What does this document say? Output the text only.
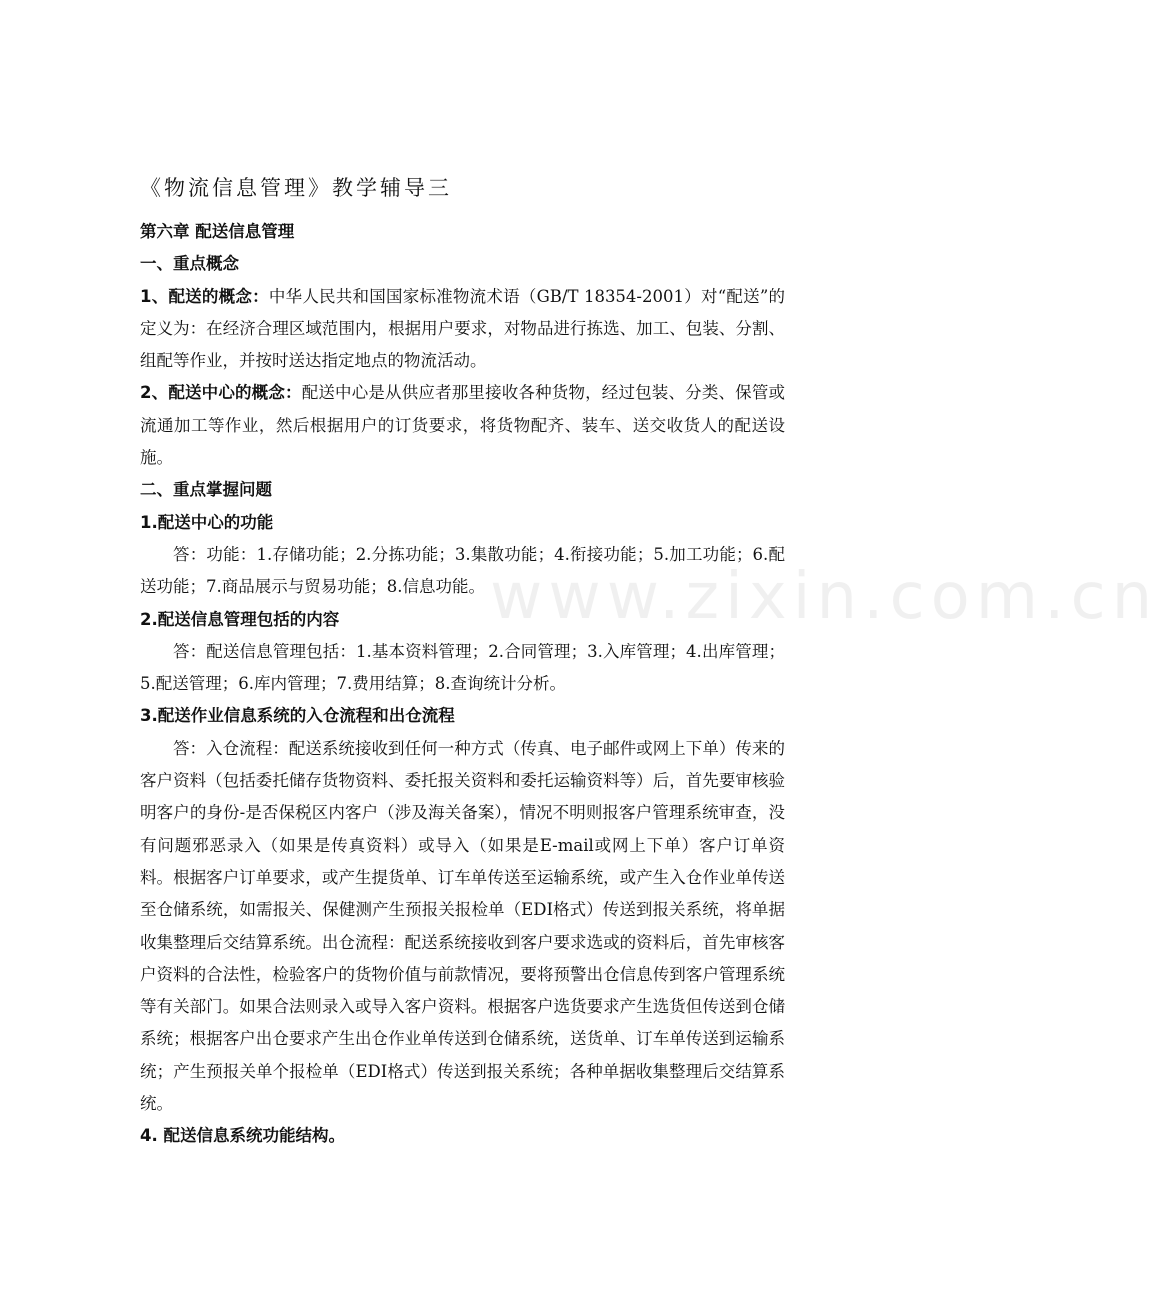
www.zixin.com.cn
《物流信息管理》教学辅导三

第六章 配送信息管理

一、重点概念

1、配送的概念：中华人民共和国国家标准物流术语（GB/T 18354-2001）对“配送”的定义为：在经济合理区域范围内，根据用户要求，对物品进行拣选、加工、包装、分割、组配等作业，并按时送达指定地点的物流活动。

2、配送中心的概念：配送中心是从供应者那里接收各种货物，经过包装、分类、保管或流通加工等作业，然后根据用户的订货要求，将货物配齐、装车、送交收货人的配送设施。

二、重点掌握问题

1.配送中心的功能

答：功能：1.存储功能；2.分拣功能；3.集散功能；4.衔接功能；5.加工功能；6.配送功能；7.商品展示与贸易功能；8.信息功能。

2.配送信息管理包括的内容

答：配送信息管理包括：1.基本资料管理；2.合同管理；3.入库管理；4.出库管理；5.配送管理；6.库内管理；7.费用结算；8.查询统计分析。

3.配送作业信息系统的入仓流程和出仓流程

答：入仓流程：配送系统接收到任何一种方式（传真、电子邮件或网上下单）传来的客户资料（包括委托储存货物资料、委托报关资料和委托运输资料等）后，首先要审核验明客户的身份-是否保税区内客户（涉及海关备案），情况不明则报客户管理系统审查，没有问题邪恶录入（如果是传真资料）或导入（如果是E-mail或网上下单）客户订单资料。根据客户订单要求，或产生提货单、订车单传送至运输系统，或产生入仓作业单传送至仓储系统，如需报关、保健测产生预报关报检单（EDI格式）传送到报关系统，将单据收集整理后交结算系统。出仓流程：配送系统接收到客户要求选或的资料后，首先审核客户资料的合法性，检验客户的货物价值与前款情况，要将预警出仓信息传到客户管理系统等有关部门。如果合法则录入或导入客户资料。根据客户选货要求产生选货但传送到仓储系统；根据客户出仓要求产生出仓作业单传送到仓储系统，送货单、订车单传送到运输系统；产生预报关单个报检单（EDI格式）传送到报关系统；各种单据收集整理后交结算系统。

4. 配送信息系统功能结构。
